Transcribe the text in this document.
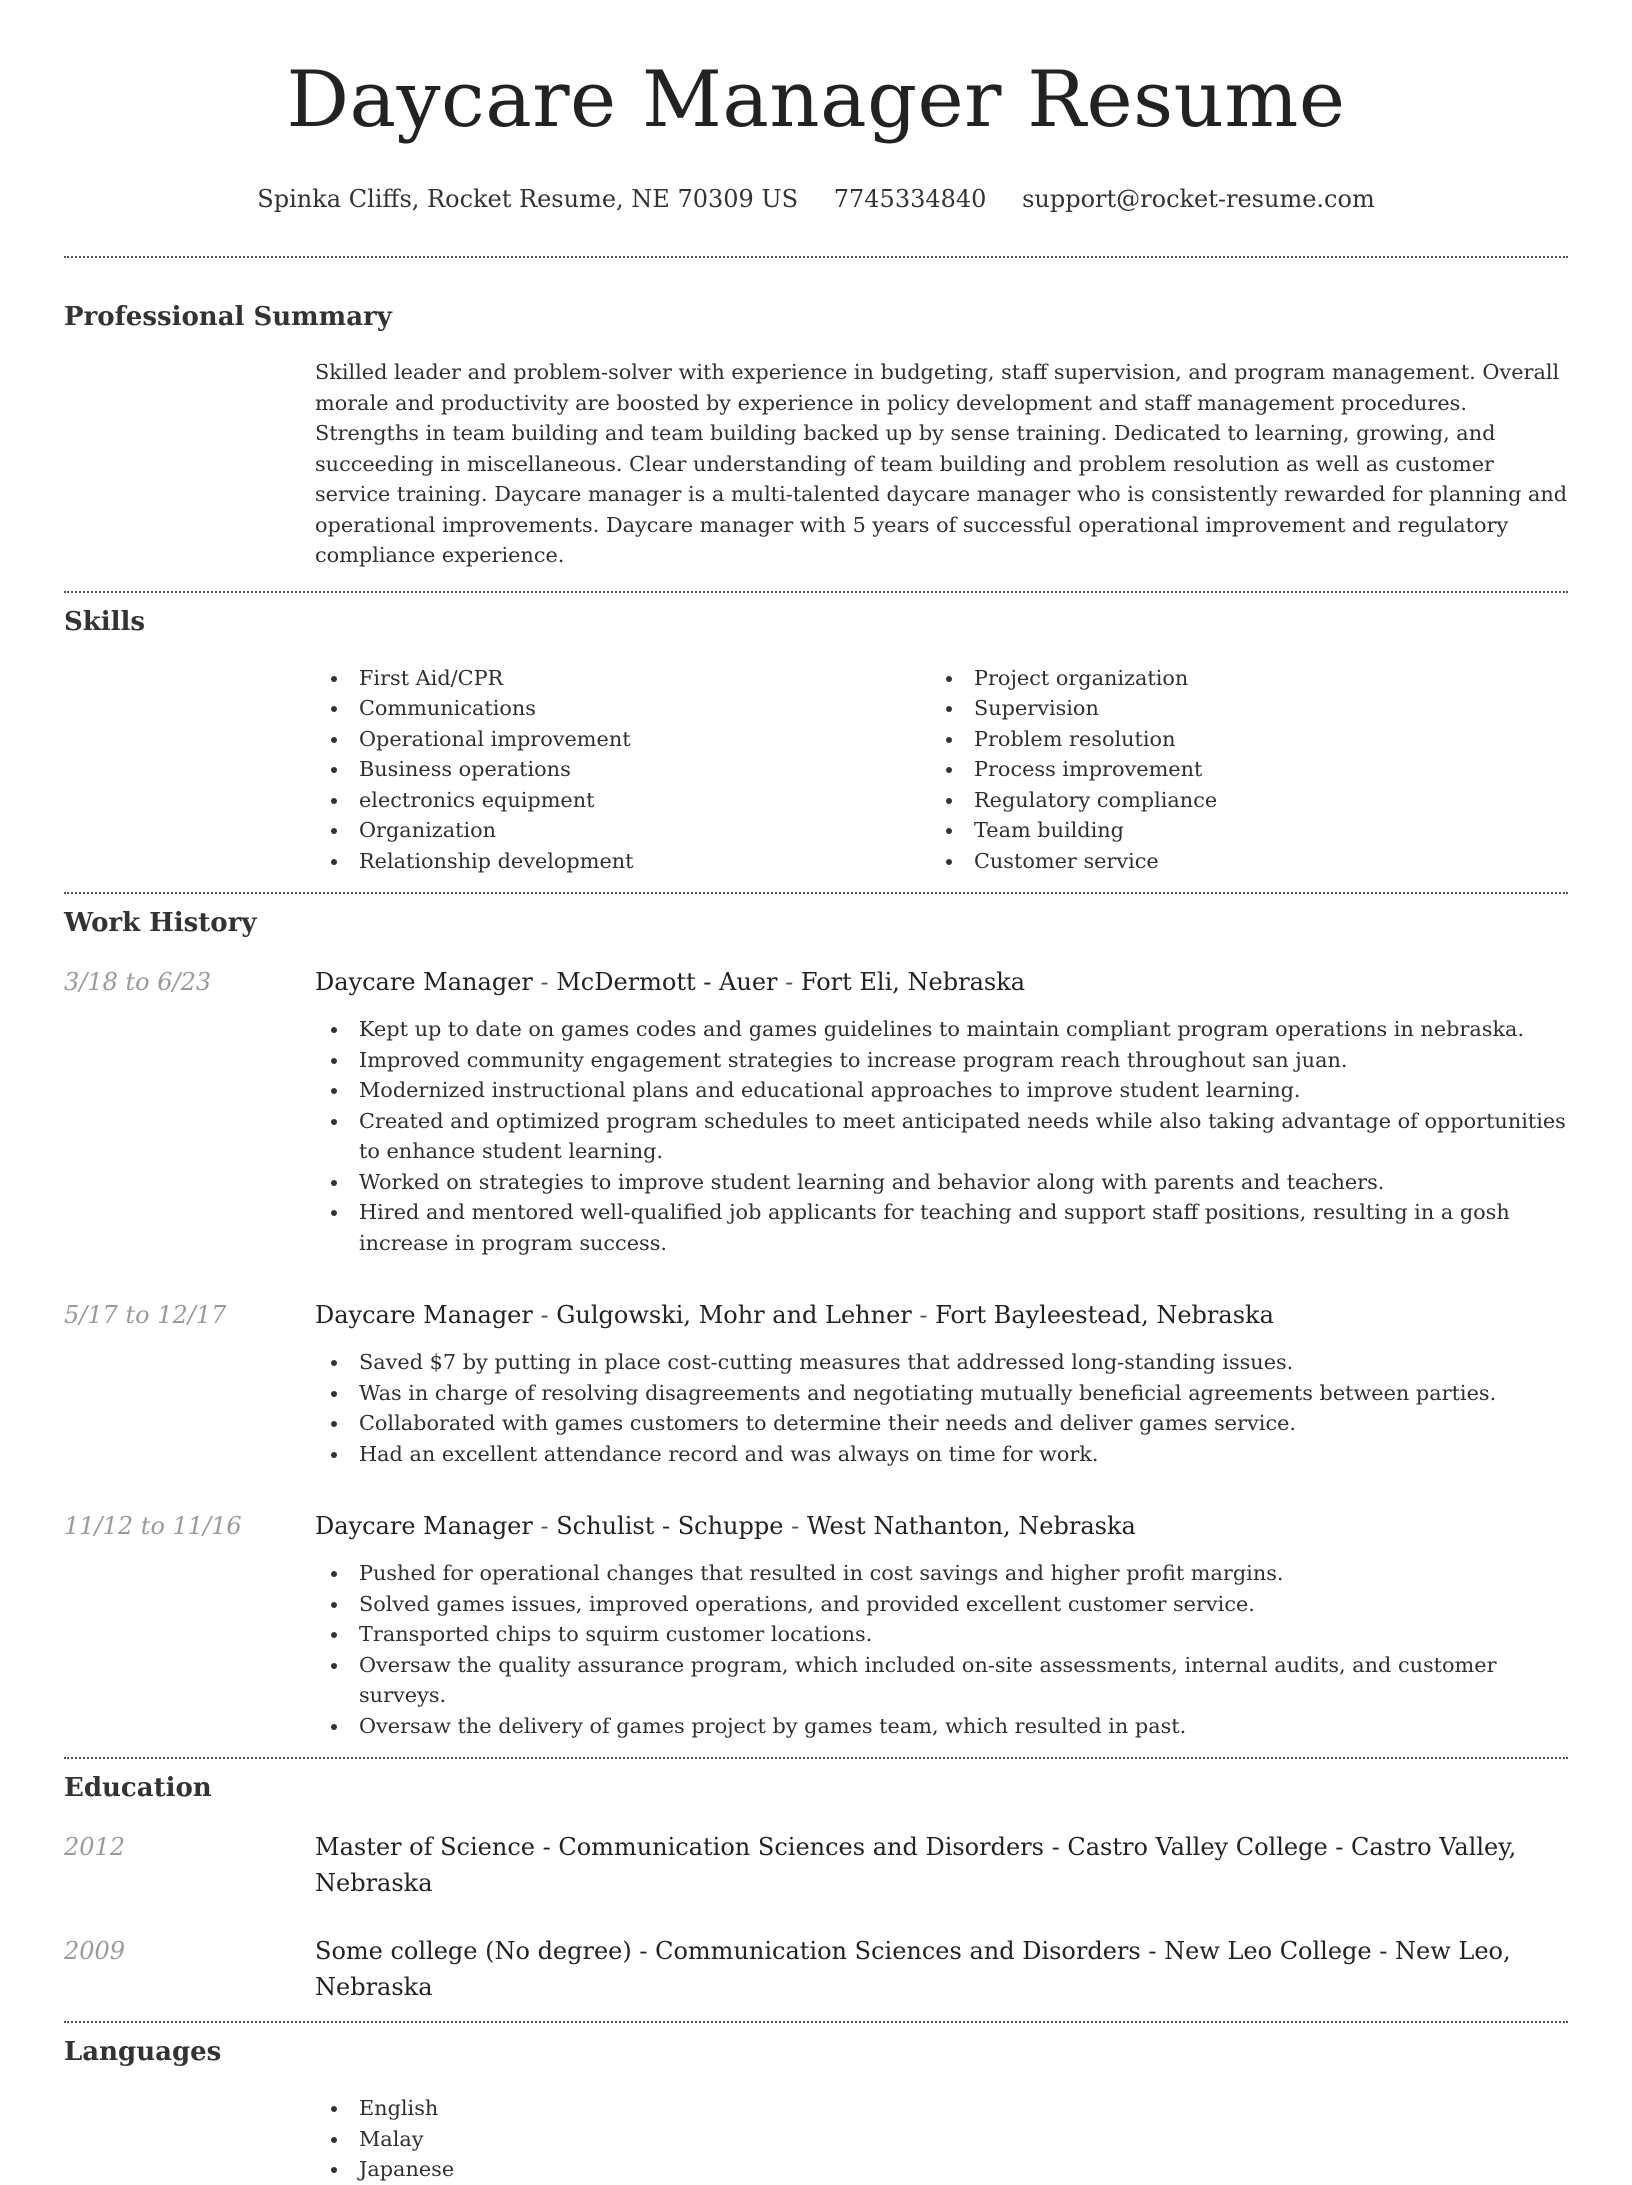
Daycare Manager Resume
Spinka Cliffs, Rocket Resume, NE 70309 US 7745334840 support@rocket-resume.com
Professional Summary

Skilled leader and problem-solver with experience in budgeting, staff supervision, and program management. Overall morale and productivity are boosted by experience in policy development and staff management procedures. Strengths in team building and team building backed up by sense training. Dedicated to learning, growing, and succeeding in miscellaneous. Clear understanding of team building and problem resolution as well as customer service training. Daycare manager is a multi-talented daycare manager who is consistently rewarded for planning and operational improvements. Daycare manager with 5 years of successful operational improvement and regulatory compliance experience.

Skills
First Aid/CPR
Communications
Operational improvement
Business operations
electronics equipment
Organization
Relationship development
Project organization
Supervision
Problem resolution
Process improvement
Regulatory compliance
Team building
Customer service
Work History
3/18 to 6/23	Daycare Manager - McDermott - Auer - Fort Eli, Nebraska
Kept up to date on games codes and games guidelines to maintain compliant program operations in nebraska.
Improved community engagement strategies to increase program reach throughout san juan.
Modernized instructional plans and educational approaches to improve student learning.
Created and optimized program schedules to meet anticipated needs while also taking advantage of opportunities to enhance student learning.
Worked on strategies to improve student learning and behavior along with parents and teachers.
Hired and mentored well-qualified job applicants for teaching and support staff positions, resulting in a gosh increase in program success.
5/17 to 12/17	Daycare Manager - Gulgowski, Mohr and Lehner - Fort Bayleestead, Nebraska
Saved $7 by putting in place cost-cutting measures that addressed long-standing issues.
Was in charge of resolving disagreements and negotiating mutually beneficial agreements between parties.
Collaborated with games customers to determine their needs and deliver games service.
Had an excellent attendance record and was always on time for work.
11/12 to 11/16	Daycare Manager - Schulist - Schuppe - West Nathanton, Nebraska
Pushed for operational changes that resulted in cost savings and higher profit margins.
Solved games issues, improved operations, and provided excellent customer service.
Transported chips to squirm customer locations.
Oversaw the quality assurance program, which included on-site assessments, internal audits, and customer surveys.
Oversaw the delivery of games project by games team, which resulted in past.
Education
2012	Master of Science - Communication Sciences and Disorders - Castro Valley College - Castro Valley, Nebraska
2009	Some college (No degree) - Communication Sciences and Disorders - New Leo College - New Leo, Nebraska
Languages
English
Malay
Japanese
